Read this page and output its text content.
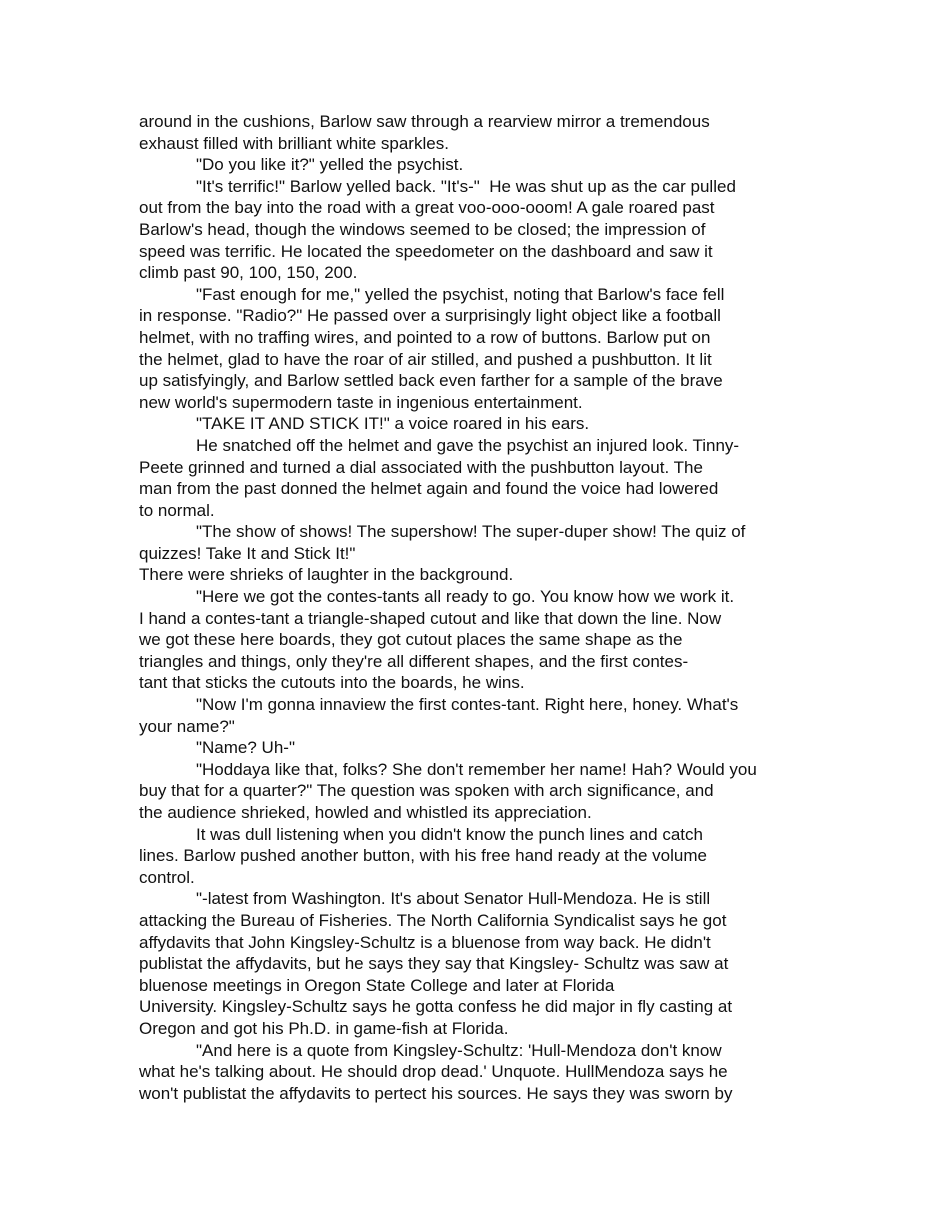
around in the cushions, Barlow saw through a rearview mirror a tremendous
exhaust filled with brilliant white sparkles.
"Do you like it?" yelled the psychist.
"It's terrific!" Barlow yelled back. "It's-"  He was shut up as the car pulled
out from the bay into the road with a great voo-ooo-ooom! A gale roared past
Barlow's head, though the windows seemed to be closed; the impression of
speed was terrific. He located the speedometer on the dashboard and saw it
climb past 90, 100, 150, 200.
"Fast enough for me," yelled the psychist, noting that Barlow's face fell
in response. "Radio?" He passed over a surprisingly light object like a football
helmet, with no traffing wires, and pointed to a row of buttons. Barlow put on
the helmet, glad to have the roar of air stilled, and pushed a pushbutton. It lit
up satisfyingly, and Barlow settled back even farther for a sample of the brave
new world's supermodern taste in ingenious entertainment.
"TAKE IT AND STICK IT!" a voice roared in his ears.
He snatched off the helmet and gave the psychist an injured look. Tinny-
Peete grinned and turned a dial associated with the pushbutton layout. The
man from the past donned the helmet again and found the voice had lowered
to normal.
"The show of shows! The supershow! The super-duper show! The quiz of
quizzes! Take It and Stick It!"
There were shrieks of laughter in the background.
"Here we got the contes-tants all ready to go. You know how we work it.
I hand a contes-tant a triangle-shaped cutout and like that down the line. Now
we got these here boards, they got cutout places the same shape as the
triangles and things, only they're all different shapes, and the first contes-
tant that sticks the cutouts into the boards, he wins.
"Now I'm gonna innaview the first contes-tant. Right here, honey. What's
your name?"
"Name? Uh-"
"Hoddaya like that, folks? She don't remember her name! Hah? Would you
buy that for a quarter?" The question was spoken with arch significance, and
the audience shrieked, howled and whistled its appreciation.
It was dull listening when you didn't know the punch lines and catch
lines. Barlow pushed another button, with his free hand ready at the volume
control.
"-latest from Washington. It's about Senator Hull-Mendoza. He is still
attacking the Bureau of Fisheries. The North California Syndicalist says he got
affydavits that John Kingsley-Schultz is a bluenose from way back. He didn't
publistat the affydavits, but he says they say that Kingsley- Schultz was saw at
bluenose meetings in Oregon State College and later at Florida
University. Kingsley-Schultz says he gotta confess he did major in fly casting at
Oregon and got his Ph.D. in game-fish at Florida.
"And here is a quote from Kingsley-Schultz: 'Hull-Mendoza don't know
what he's talking about. He should drop dead.' Unquote. HullMendoza says he
won't publistat the affydavits to pertect his sources. He says they was sworn by
